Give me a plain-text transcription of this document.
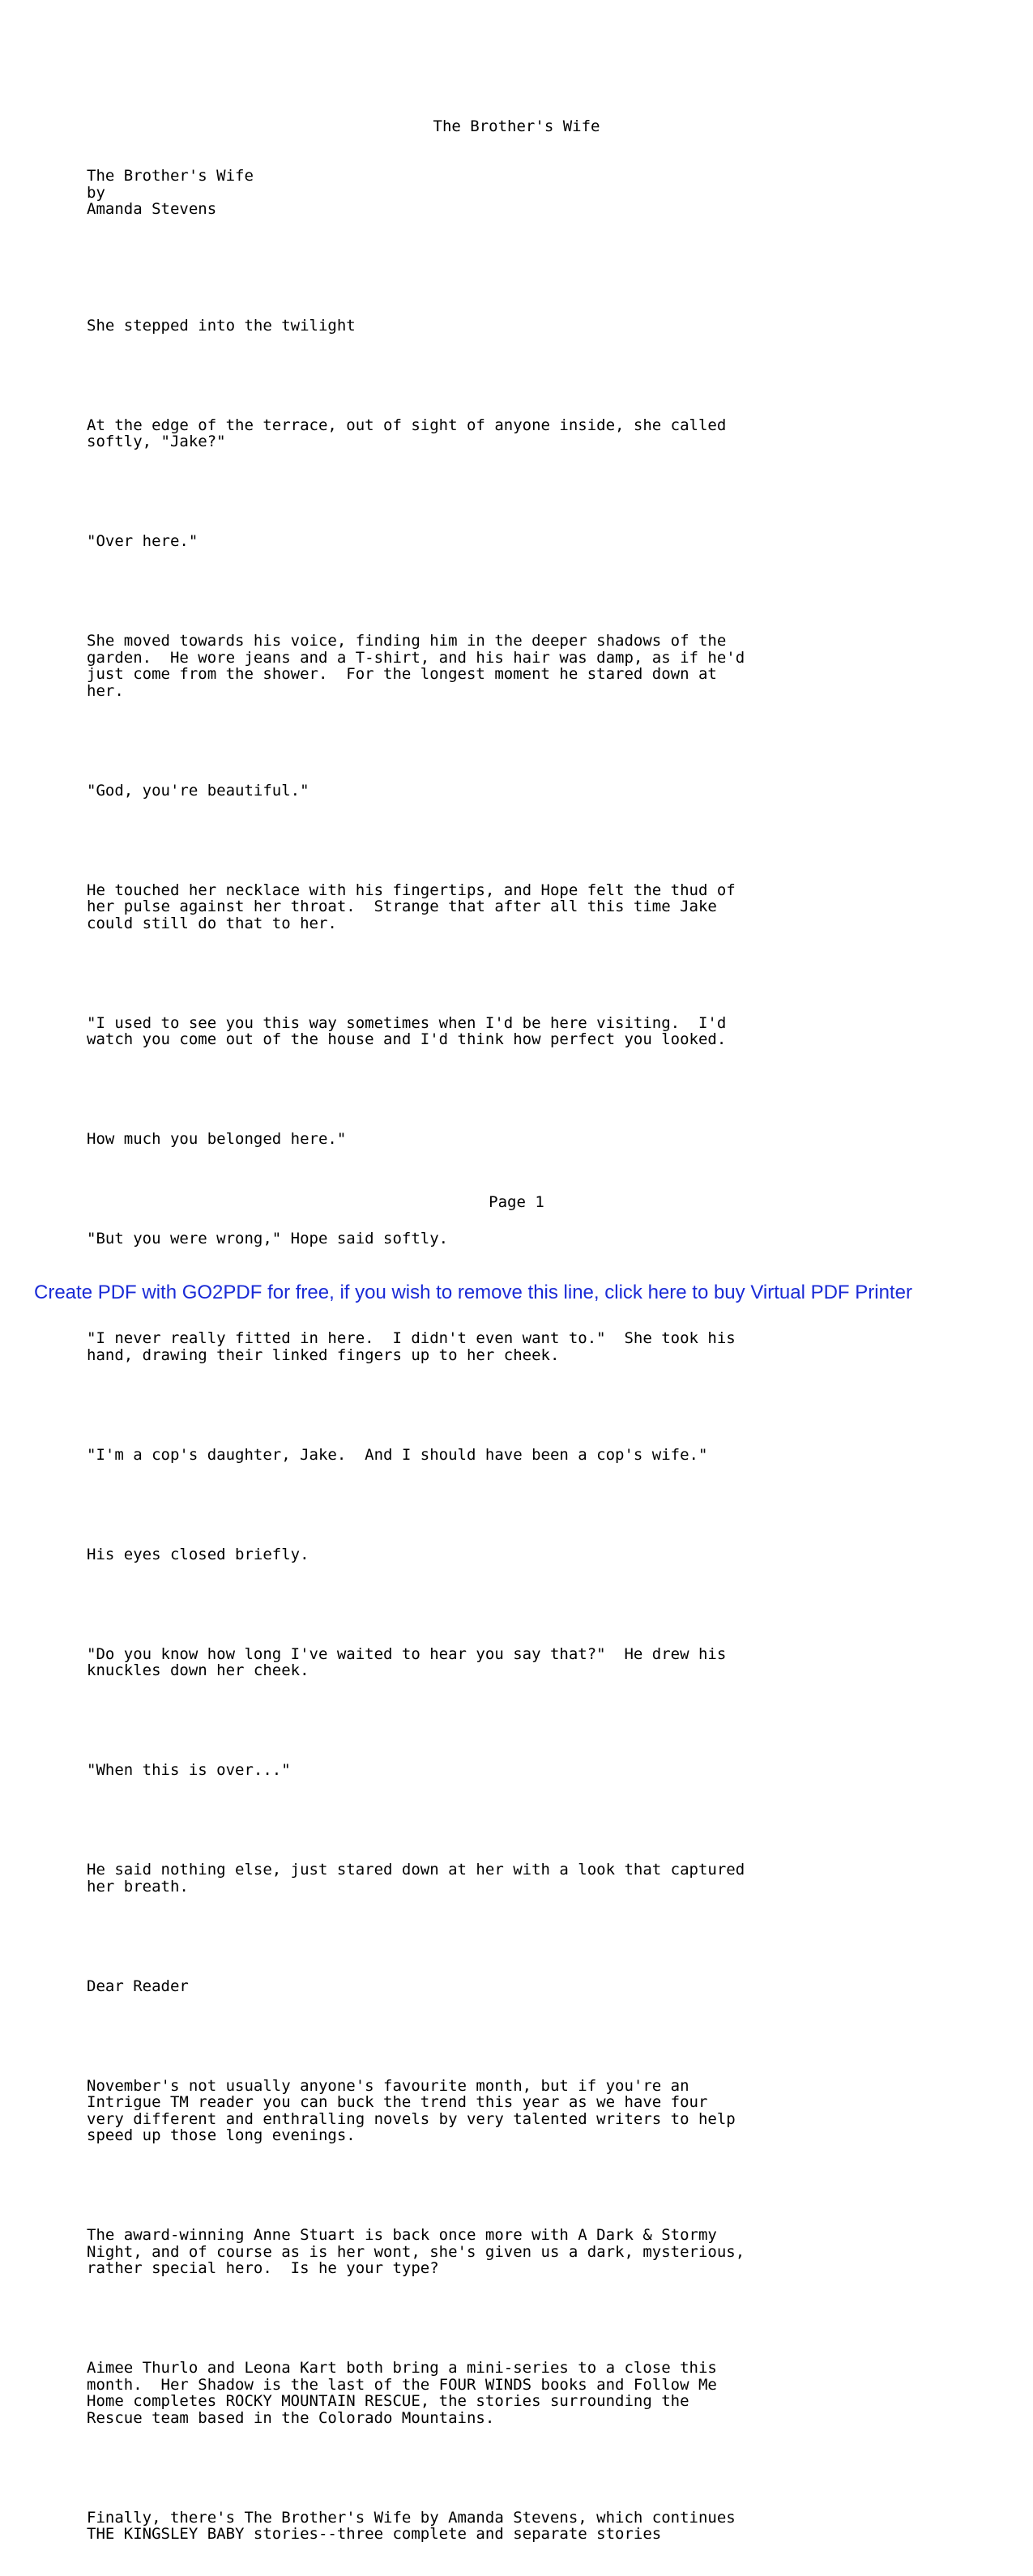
The Brother's Wife

The Brother's Wife
by
Amanda Stevens

She stepped into the twilight

At the edge of the terrace, out of sight of anyone inside, she called
softly, "Jake?"

"Over here."

She moved towards his voice, finding him in the deeper shadows of the
garden.  He wore jeans and a T-shirt, and his hair was damp, as if he'd
just come from the shower.  For the longest moment he stared down at
her.

"God, you're beautiful."

He touched her necklace with his fingertips, and Hope felt the thud of
her pulse against her throat.  Strange that after all this time Jake
could still do that to her.

"I used to see you this way sometimes when I'd be here visiting.  I'd
watch you come out of the house and I'd think how perfect you looked.

How much you belonged here."

"But you were wrong," Hope said softly.

"I never really fitted in here.  I didn't even want to."  She took his
hand, drawing their linked fingers up to her cheek.

"I'm a cop's daughter, Jake.  And I should have been a cop's wife."

His eyes closed briefly.

"Do you know how long I've waited to hear you say that?"  He drew his
knuckles down her cheek.

"When this is over..."

He said nothing else, just stared down at her with a look that captured
her breath.

Dear Reader

November's not usually anyone's favourite month, but if you're an
Intrigue TM reader you can buck the trend this year as we have four
very different and enthralling novels by very talented writers to help
speed up those long evenings.

The award-winning Anne Stuart is back once more with A Dark & Stormy
Night, and of course as is her wont, she's given us a dark, mysterious,
rather special hero.  Is he your type?

Aimee Thurlo and Leona Kart both bring a mini-series to a close this
month.  Her Shadow is the last of the FOUR WINDS books and Follow Me
Home completes ROCKY MOUNTAIN RESCUE, the stories surrounding the
Rescue team based in the Colorado Mountains.

Finally, there's The Brother's Wife by Amanda Stevens, which continues
THE KINGSLEY BABY stories--three complete and separate stories

Page 1
Create PDF with GO2PDF for free, if you wish to remove this line, click here to buy Virtual PDF Printer
